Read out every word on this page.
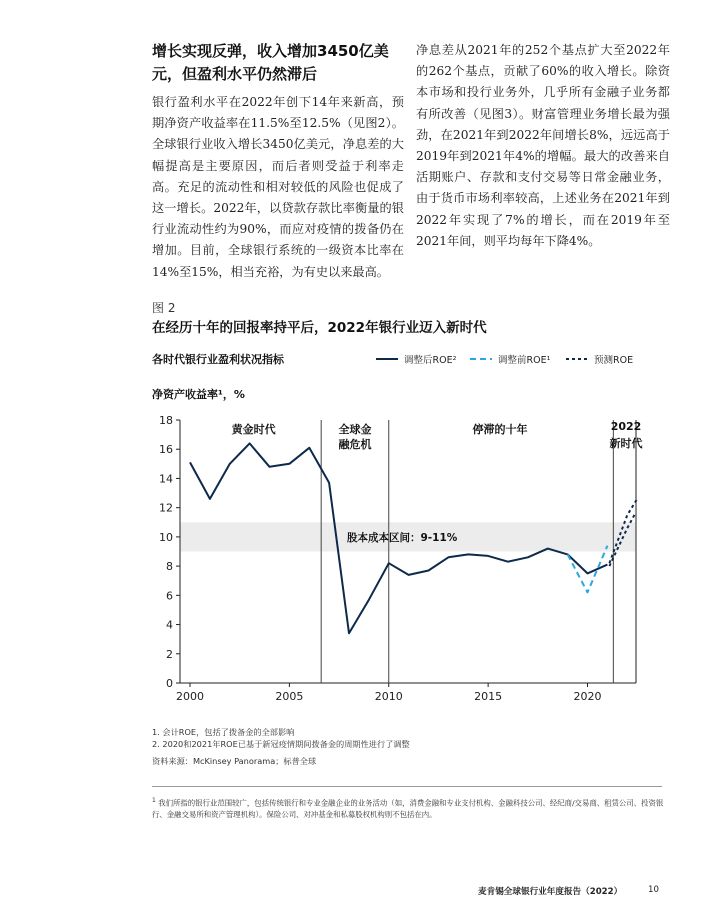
增长实现反弹，收入增加3450亿美元，但盈利水平仍然滞后

银行盈利水平在2022年创下14年来新高，预期净资产收益率在11.5%至12.5%（见图2）。全球银行业收入增长3450亿美元，净息差的大幅提高是主要原因，而后者则受益于利率走高。充足的流动性和相对较低的风险也促成了这一增长。2022年，以贷款存款比率衡量的银行业流动性约为90%，而应对疫情的拨备仍在增加。目前，全球银行系统的一级资本比率在14%至15%，相当充裕，为有史以来最高。

净息差从2021年的252个基点扩大至2022年的262个基点，贡献了60%的收入增长。除资本市场和投行业务外，几乎所有金融子业务都有所改善（见图3）。财富管理业务增长最为强劲，在2021年到2022年间增长8%，远远高于2019年到2021年4%的增幅。最大的改善来自活期账户、存款和支付交易等日常金融业务，由于货币市场利率较高，上述业务在2021年到2022年实现了7%的增长，而在2019年至2021年间，则平均每年下降4%。

图 2
在经历十年的回报率持平后，2022年银行业迈入新时代
各时代银行业盈利状况指标
净资产收益率¹，%
调整后ROE²	调整前ROE¹	预测ROE
股本成本区间：9-11%
0
2
4
6
8
10
12
14
16
18
2000	2005	2010	2015	2020
黄金时代	全球金
融危机
停滞的十年	2022
新时代
1. 会计ROE，包括了拨备金的全部影响
2. 2020和2021年ROE已基于新冠疫情期间拨备金的周期性进行了调整
资料来源：McKinsey Panorama；标普全球
$^1$ 我们所指的银行业范围较广，包括传统银行和专业金融企业的业务活动（如，消费金融和专业支付机构、金融科技公司、经纪商/交易商、租赁公司、投资银行、金融交易所和资产管理机构）。保险公司、对冲基金和私募股权机构则不包括在内。
麦肯锡全球银行业年度报告（2022）	10
